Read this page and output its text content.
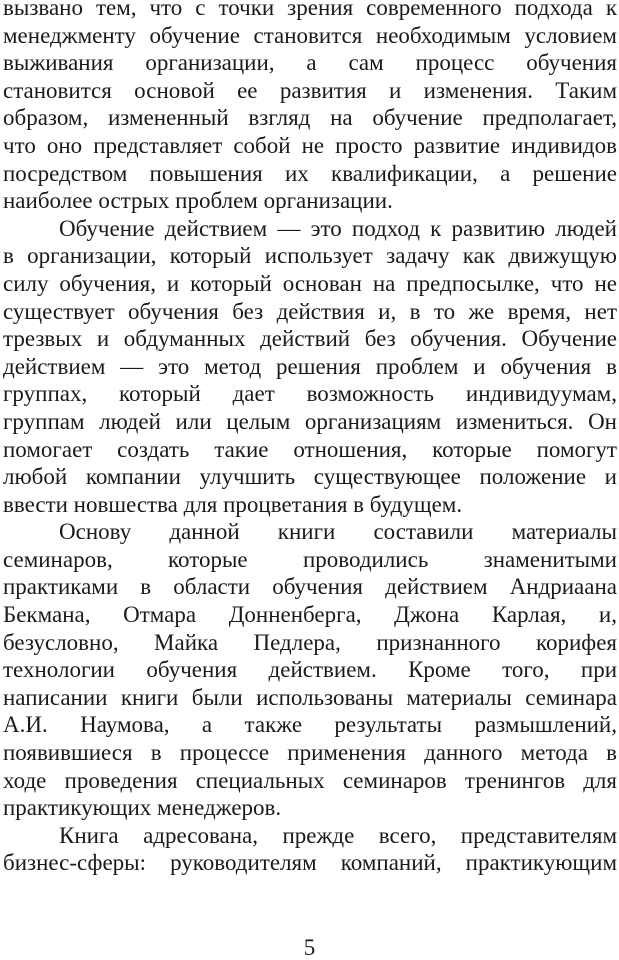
вызвано тем, что с точки зрения современного подхода к
менеджменту обучение становится необходимым условием
выживания организации, а сам процесс обучения
становится основой ее развития и изменения. Таким
образом, измененный взгляд на обучение предполагает,
что оно представляет собой не просто развитие индивидов
посредством повышения их квалификации, а решение
наиболее острых проблем организации.
Обучение действием — это подход к развитию людей
в организации, который использует задачу как движущую
силу обучения, и который основан на предпосылке, что не
существует обучения без действия и, в то же время, нет
трезвых и обдуманных действий без обучения. Обучение
действием — это метод решения проблем и обучения в
группах, который дает возможность индивидуумам,
группам людей или целым организациям измениться. Он
помогает создать такие отношения, которые помогут
любой компании улучшить существующее положение и
ввести новшества для процветания в будущем.
Основу данной книги составили материалы
семинаров, которые проводились знаменитыми
практиками в области обучения действием Андриаана
Бекмана, Отмара Донненберга, Джона Карлая, и,
безусловно, Майка Педлера, признанного корифея
технологии обучения действием. Кроме того, при
написании книги были использованы материалы семинара
А.И. Наумова, а также результаты размышлений,
появившиеся в процессе применения данного метода в
ходе проведения специальных семинаров тренингов для
практикующих менеджеров.
Книга адресована, прежде всего, представителям
бизнес-сферы: руководителям компаний, практикующим
5
